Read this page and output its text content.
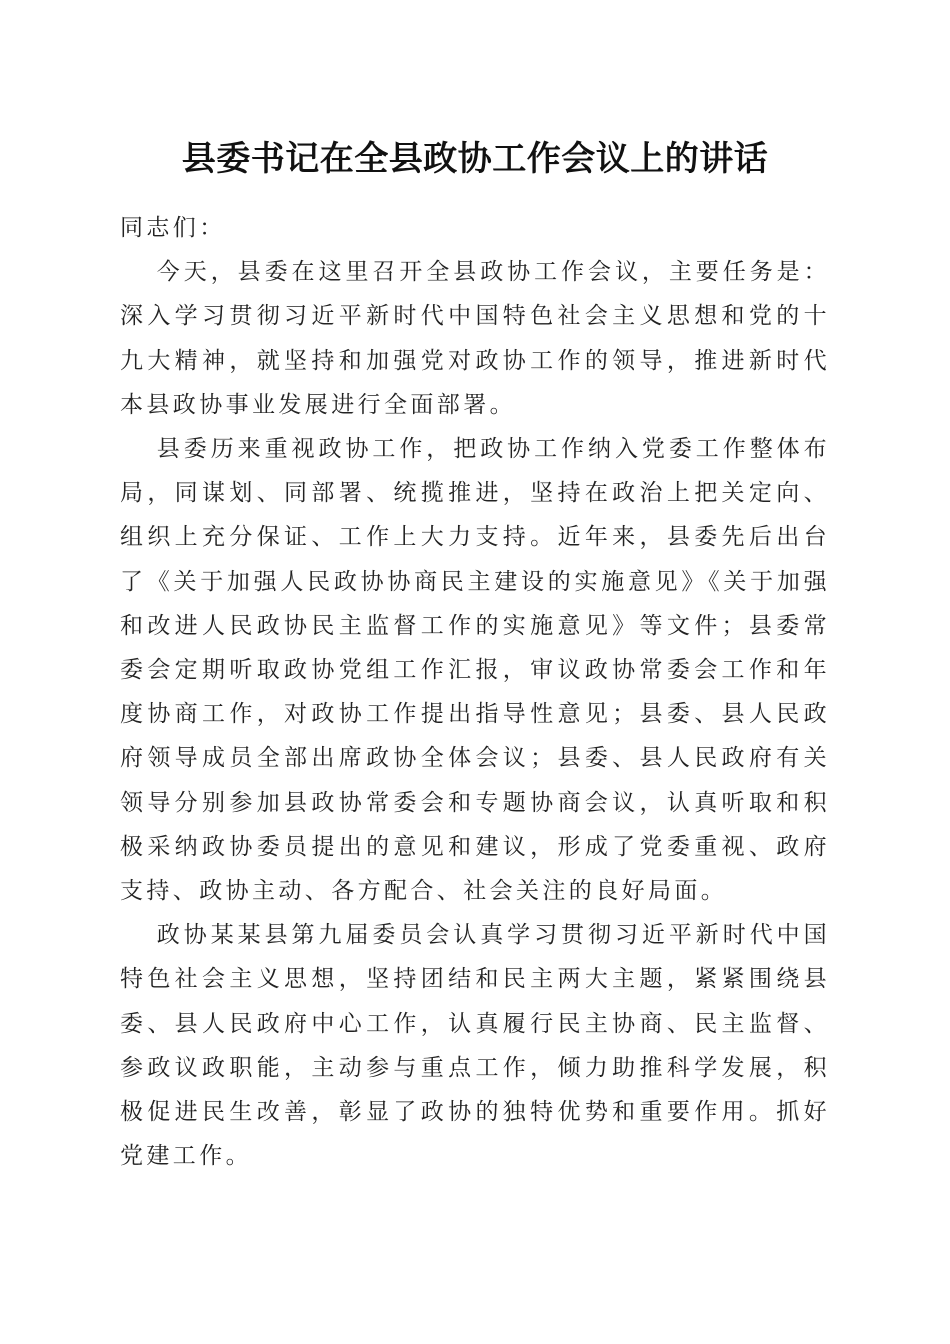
县委书记在全县政协工作会议上的讲话

同志们：

今天，县委在这里召开全县政协工作会议，主要任务是：深入学习贯彻习近平新时代中国特色社会主义思想和党的十九大精神，就坚持和加强党对政协工作的领导，推进新时代本县政协事业发展进行全面部署。

县委历来重视政协工作，把政协工作纳入党委工作整体布局，同谋划、同部署、统揽推进，坚持在政治上把关定向、组织上充分保证、工作上大力支持。近年来，县委先后出台了《关于加强人民政协协商民主建设的实施意见》《关于加强和改进人民政协民主监督工作的实施意见》等文件；县委常委会定期听取政协党组工作汇报，审议政协常委会工作和年度协商工作，对政协工作提出指导性意见；县委、县人民政府领导成员全部出席政协全体会议；县委、县人民政府有关领导分别参加县政协常委会和专题协商会议，认真听取和积极采纳政协委员提出的意见和建议，形成了党委重视、政府支持、政协主动、各方配合、社会关注的良好局面。

政协某某县第九届委员会认真学习贯彻习近平新时代中国特色社会主义思想，坚持团结和民主两大主题，紧紧围绕县委、县人民政府中心工作，认真履行民主协商、民主监督、参政议政职能，主动参与重点工作，倾力助推科学发展，积极促进民生改善，彰显了政协的独特优势和重要作用。抓好党建工作。
